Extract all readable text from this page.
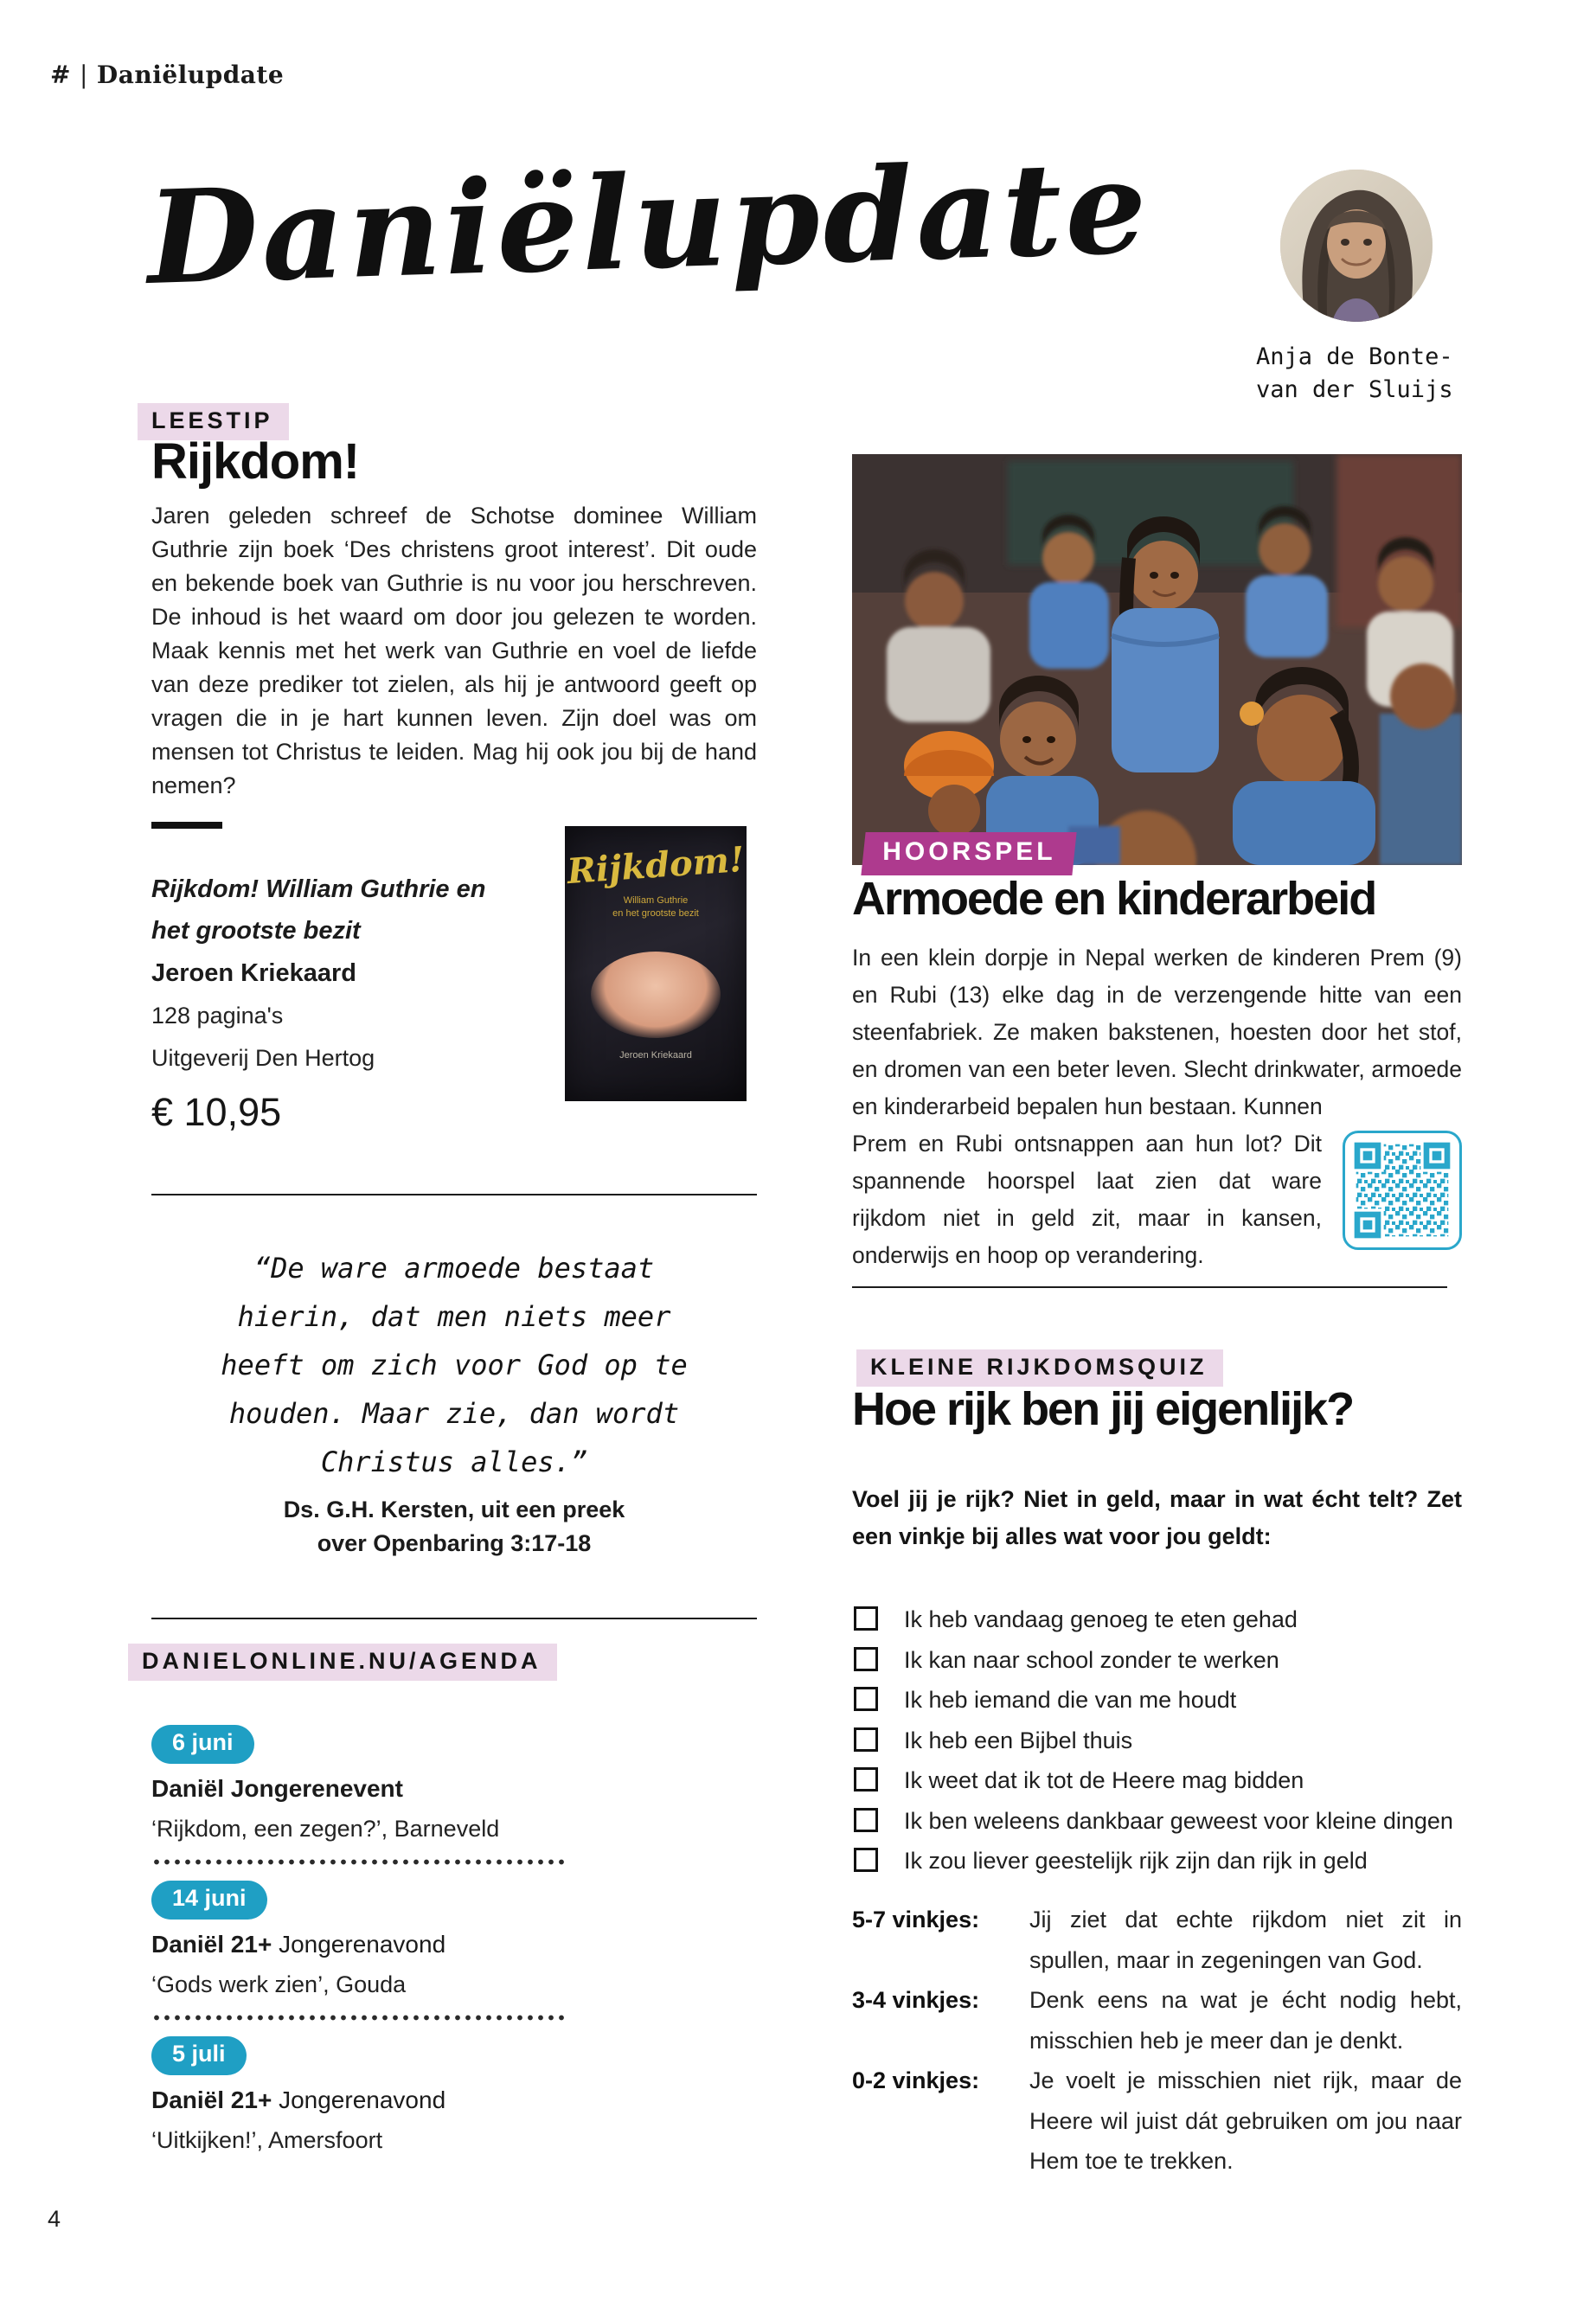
# | Daniëlupdate
Daniëlupdate
Anja de Bonte-
van der Sluijs
LEESTIP
Rijkdom!
Jaren geleden schreef de Schotse dominee William Guthrie zijn boek ‘Des christens groot interest’. Dit oude en bekende boek van Guthrie is nu voor jou herschreven. De inhoud is het waard om door jou gelezen te worden. Maak kennis met het werk van Guthrie en voel de liefde van deze prediker tot zielen, als hij je antwoord geeft op vragen die in je hart kunnen leven. Zijn doel was om mensen tot Christus te leiden. Mag hij ook jou bij de hand nemen?
Rijkdom! William Guthrie en
het grootste bezit
Jeroen Kriekaard
128 pagina's
Uitgeverij Den Hertog
€ 10,95
Rijkdom!
William Guthrie
en het grootste bezit
Jeroen Kriekaard
“De ware armoede bestaat
hierin, dat men niets meer
heeft om zich voor God op te
houden. Maar zie, dan wordt
Christus alles.”
Ds. G.H. Kersten, uit een preek
over Openbaring 3:17-18
DANIELONLINE.NU/AGENDA
6 juni
Daniël Jongerenevent
‘Rijkdom, een zegen?’, Barneveld
14 juni
Daniël 21+ Jongerenavond
‘Gods werk zien’, Gouda
5 juli
Daniël 21+ Jongerenavond
‘Uitkijken!’, Amersfoort
4
HOORSPEL
Armoede en kinderarbeid

In een klein dorpje in Nepal werken de kinderen Prem (9) en Rubi (13) elke dag in de verzengende hitte van een steenfabriek. Ze maken bakstenen, hoesten door het stof, en dromen van een beter leven. Slecht drinkwater, armoede en kinderarbeid bepalen hun bestaan. Kunnen

Prem en Rubi ontsnappen aan hun lot? Dit spannende hoorspel laat zien dat ware rijkdom niet in geld zit, maar in kansen, onderwijs en hoop op verandering.

KLEINE RIJKDOMSQUIZ
Hoe rijk ben jij eigenlijk?
Voel jij je rijk? Niet in geld, maar in wat écht telt? Zet een vinkje bij alles wat voor jou geldt:
Ik heb vandaag genoeg te eten gehad
Ik kan naar school zonder te werken
Ik heb iemand die van me houdt
Ik heb een Bijbel thuis
Ik weet dat ik tot de Heere mag bidden
Ik ben weleens dankbaar geweest voor kleine dingen
Ik zou liever geestelijk rijk zijn dan rijk in geld
5-7 vinkjes:	Jij ziet dat echte rijkdom niet zit in spullen, maar in zegeningen van God.
3-4 vinkjes:	Denk eens na wat je écht nodig hebt, misschien heb je meer dan je denkt.
0-2 vinkjes:	Je voelt je misschien niet rijk, maar de Heere wil juist dát gebruiken om jou naar Hem toe te trekken.
